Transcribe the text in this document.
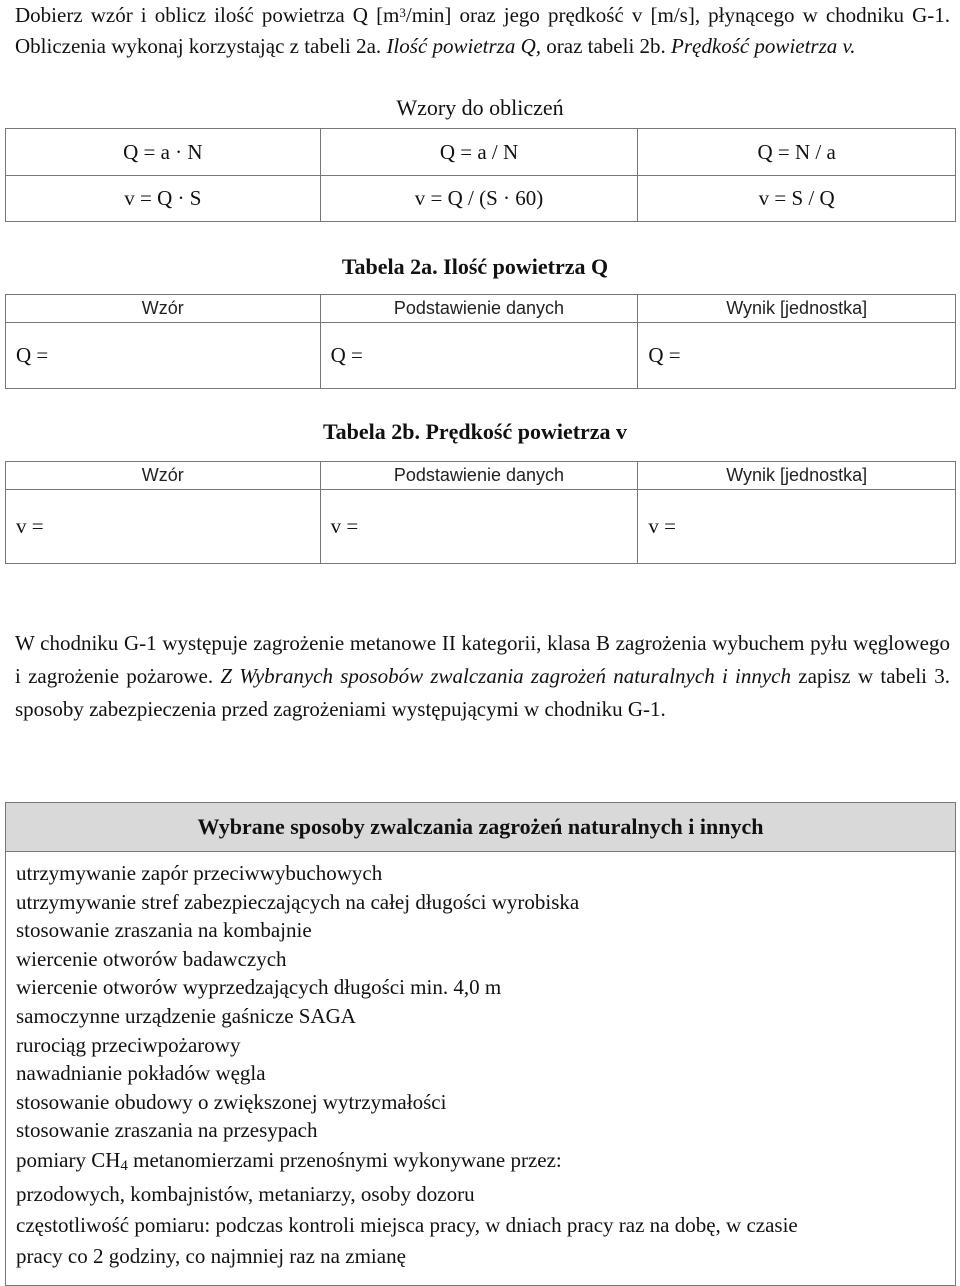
Dobierz wzór i oblicz ilość powietrza Q $[m^3/\min]$ oraz jego prędkość v [m/s], płynącego w chodniku G-1. Obliczenia wykonaj korzystając z tabeli 2a. Ilość powietrza Q, oraz tabeli 2b. Prędkość powietrza v.

Wzory do obliczeń
Q = a · N	Q = a / N	Q = N / a
v = Q · S	v = Q / (S · 60)	v = S / Q
Tabela 2a. Ilość powietrza Q
Wzór	Podstawienie danych	Wynik [jednostka]
Q =	Q =	Q =
Tabela 2b. Prędkość powietrza v
Wzór	Podstawienie danych	Wynik [jednostka]
v =	v =	v =

W chodniku G-1 występuje zagrożenie metanowe II kategorii, klasa B zagrożenia wybuchem pyłu węglowego i zagrożenie pożarowe. Z Wybranych sposobów zwalczania zagrożeń naturalnych i innych zapisz w tabeli 3. sposoby zabezpieczenia przed zagrożeniami występującymi w chodniku G-1.

Wybrane sposoby zwalczania zagrożeń naturalnych i innych
utrzymywanie zapór przeciwwybuchowych
utrzymywanie stref zabezpieczających na całej długości wyrobiska
stosowanie zraszania na kombajnie
wiercenie otworów badawczych
wiercenie otworów wyprzedzających długości min. 4,0 m
samoczynne urządzenie gaśnicze SAGA
rurociąg przeciwpożarowy
nawadnianie pokładów węgla
stosowanie obudowy o zwiększonej wytrzymałości
stosowanie zraszania na przesypach
pomiary CH4 metanomierzami przenośnymi wykonywane przez:
przodowych, kombajnistów, metaniarzy, osoby dozoru
częstotliwość pomiaru: podczas kontroli miejsca pracy, w dniach pracy raz na dobę, w czasie
pracy co 2 godziny, co najmniej raz na zmianę
